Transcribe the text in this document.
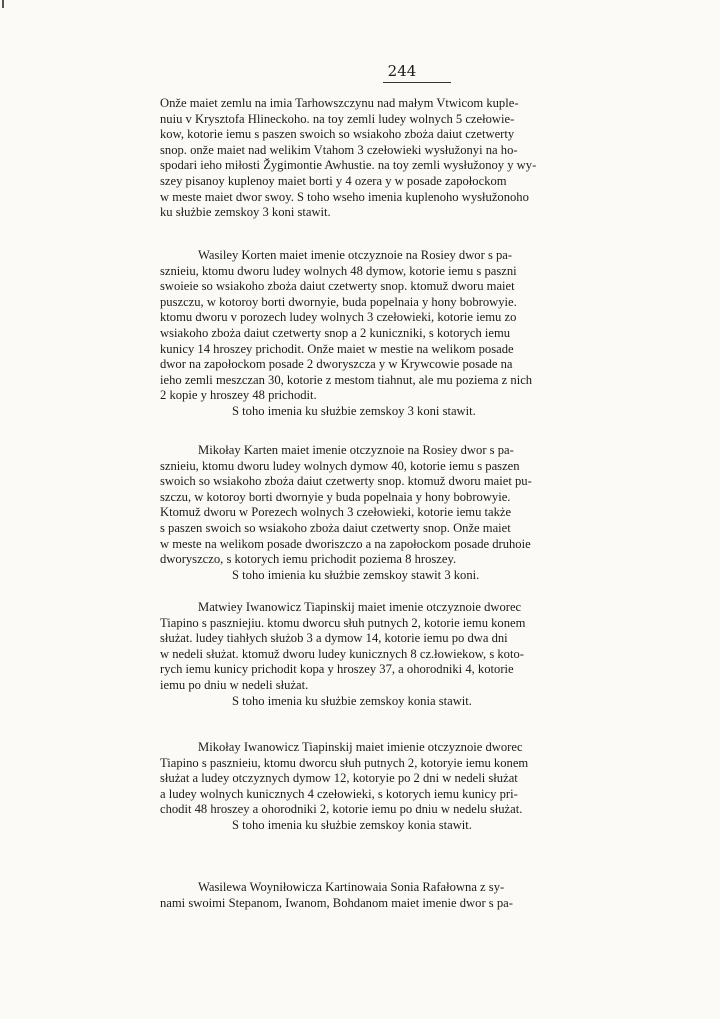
244
Onže maiet zemlu na imia Tarhowszczynu nad małym Vtwicom kuple-
nuiu v Krysztofa Hlineckoho. na toy zemli ludey wolnych 5 czełowie-
kow, kotorie iemu s paszen swoich so wsiakoho zboża daiut czetwerty
snop. onže maiet nad welikim Vtahom 3 czełowieki wysłužonyi na ho-
spodari ieho miłosti Žygimontie Awhustie. na toy zemli wysłužonoy y wy-
szey pisanoy kuplenoy maiet borti y 4 ozera y w posade zapołockom
w meste maiet dwor swoy. S toho wseho imenia kuplenoho wysłužonoho
ku służbie zemskoy 3 koni stawit.
Wasiley Korten maiet imenie otczyznoie na Rosiey dwor s pa-
sznieiu, ktomu dworu ludey wolnych 48 dymow, kotorie iemu s paszni
swoieie so wsiakoho zboża daiut czetwerty snop. ktomuž dworu maiet
puszczu, w kotoroy borti dwornyie, buda popelnaia y hony bobrowyie.
ktomu dworu v porozech ludey wolnych 3 czełowieki, kotorie iemu zo
wsiakoho zboża daiut czetwerty snop a 2 kuniczniki, s kotorych iemu
kunicy 14 hroszey prichodit. Onže maiet w mestie na welikom posade
dwor na zapołockom posade 2 dworyszcza y w Krywcowie posade na
ieho zemli meszczan 30, kotorie z mestom tiahnut, ale mu poziema z nich
2 kopie y hroszey 48 prichodit.
S toho imenia ku służbie zemskoy 3 koni stawit.
Mikołay Karten maiet imenie otczyznoie na Rosiey dwor s pa-
sznieiu, ktomu dworu ludey wolnych dymow 40, kotorie iemu s paszen
swoich so wsiakoho zboża daiut czetwerty snop. ktomuž dworu maiet pu-
szczu, w kotoroy borti dwornyie y buda popelnaia y hony bobrowyie.
Ktomuž dworu w Porezech wolnych 3 czełowieki, kotorie iemu także
s paszen swoich so wsiakoho zboża daiut czetwerty snop. Onže maiet
w meste na welikom posade dworiszczo a na zapołockom posade druhoie
dworyszczo, s kotorych iemu prichodit poziema 8 hroszey.
S toho imienia ku służbie zemskoy stawit 3 koni.
Matwiey Iwanowicz Tiapinskij maiet imenie otczyznoie dworec
Tiapino s paszniejiu. ktomu dworcu słuh putnych 2, kotorie iemu konem
służat. ludey tiahłych służob 3 a dymow 14, kotorie iemu po dwa dni
w nedeli służat. ktomuž dworu ludey kunicznych 8 cz.łowiekow, s koto-
rych iemu kunicy prichodit kopa y hroszey 37, a ohorodniki 4, kotorie
iemu po dniu w nedeli służat.
S toho imenia ku służbie zemskoy konia stawit.
Mikołay Iwanowicz Tiapinskij maiet imienie otczyznoie dworec
Tiapino s pasznieiu, ktomu dworcu słuh putnych 2, kotoryie iemu konem
służat a ludey otczyznych dymow 12, kotoryie po 2 dni w nedeli służat
a ludey wolnych kunicznych 4 czełowieki, s kotorych iemu kunicy pri-
chodit 48 hroszey a ohorodniki 2, kotorie iemu po dniu w nedelu służat.
S toho imenia ku służbie zemskoy konia stawit.
Wasilewa Woyniłowicza Kartinowaia Sonia Rafałowna z sy-
nami swoimi Stepanom, Iwanom, Bohdanom maiet imenie dwor s pa-
